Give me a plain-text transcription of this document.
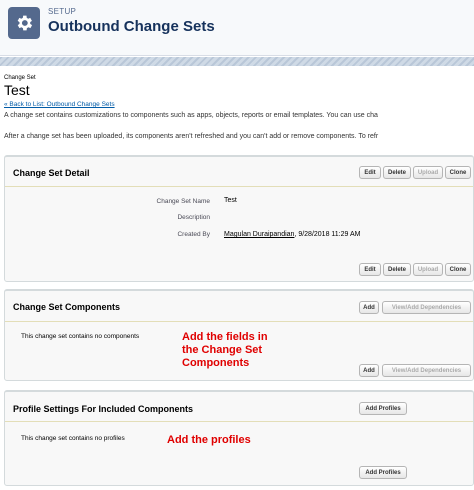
SETUP
Outbound Change Sets
Change Set
Test
« Back to List: Outbound Change Sets
A change set contains customizations to components such as apps, objects, reports or email templates. You can use cha
After a change set has been uploaded, its components aren't refreshed and you can't add or remove components. To refr
Change Set Detail	Edit	Delete	Upload	Clone
Change Set Name Test
Description
Created By Magulan Duraipandian, 9/28/2018 11:29 AM
Edit	Delete	Upload	Clone
Change Set Components	Add	View/Add Dependencies
This change set contains no components
Add	View/Add Dependencies
Add the fields in
the Change Set
Components
Profile Settings For Included Components	Add Profiles
This change set contains no profiles
Add Profiles
Add the profiles
